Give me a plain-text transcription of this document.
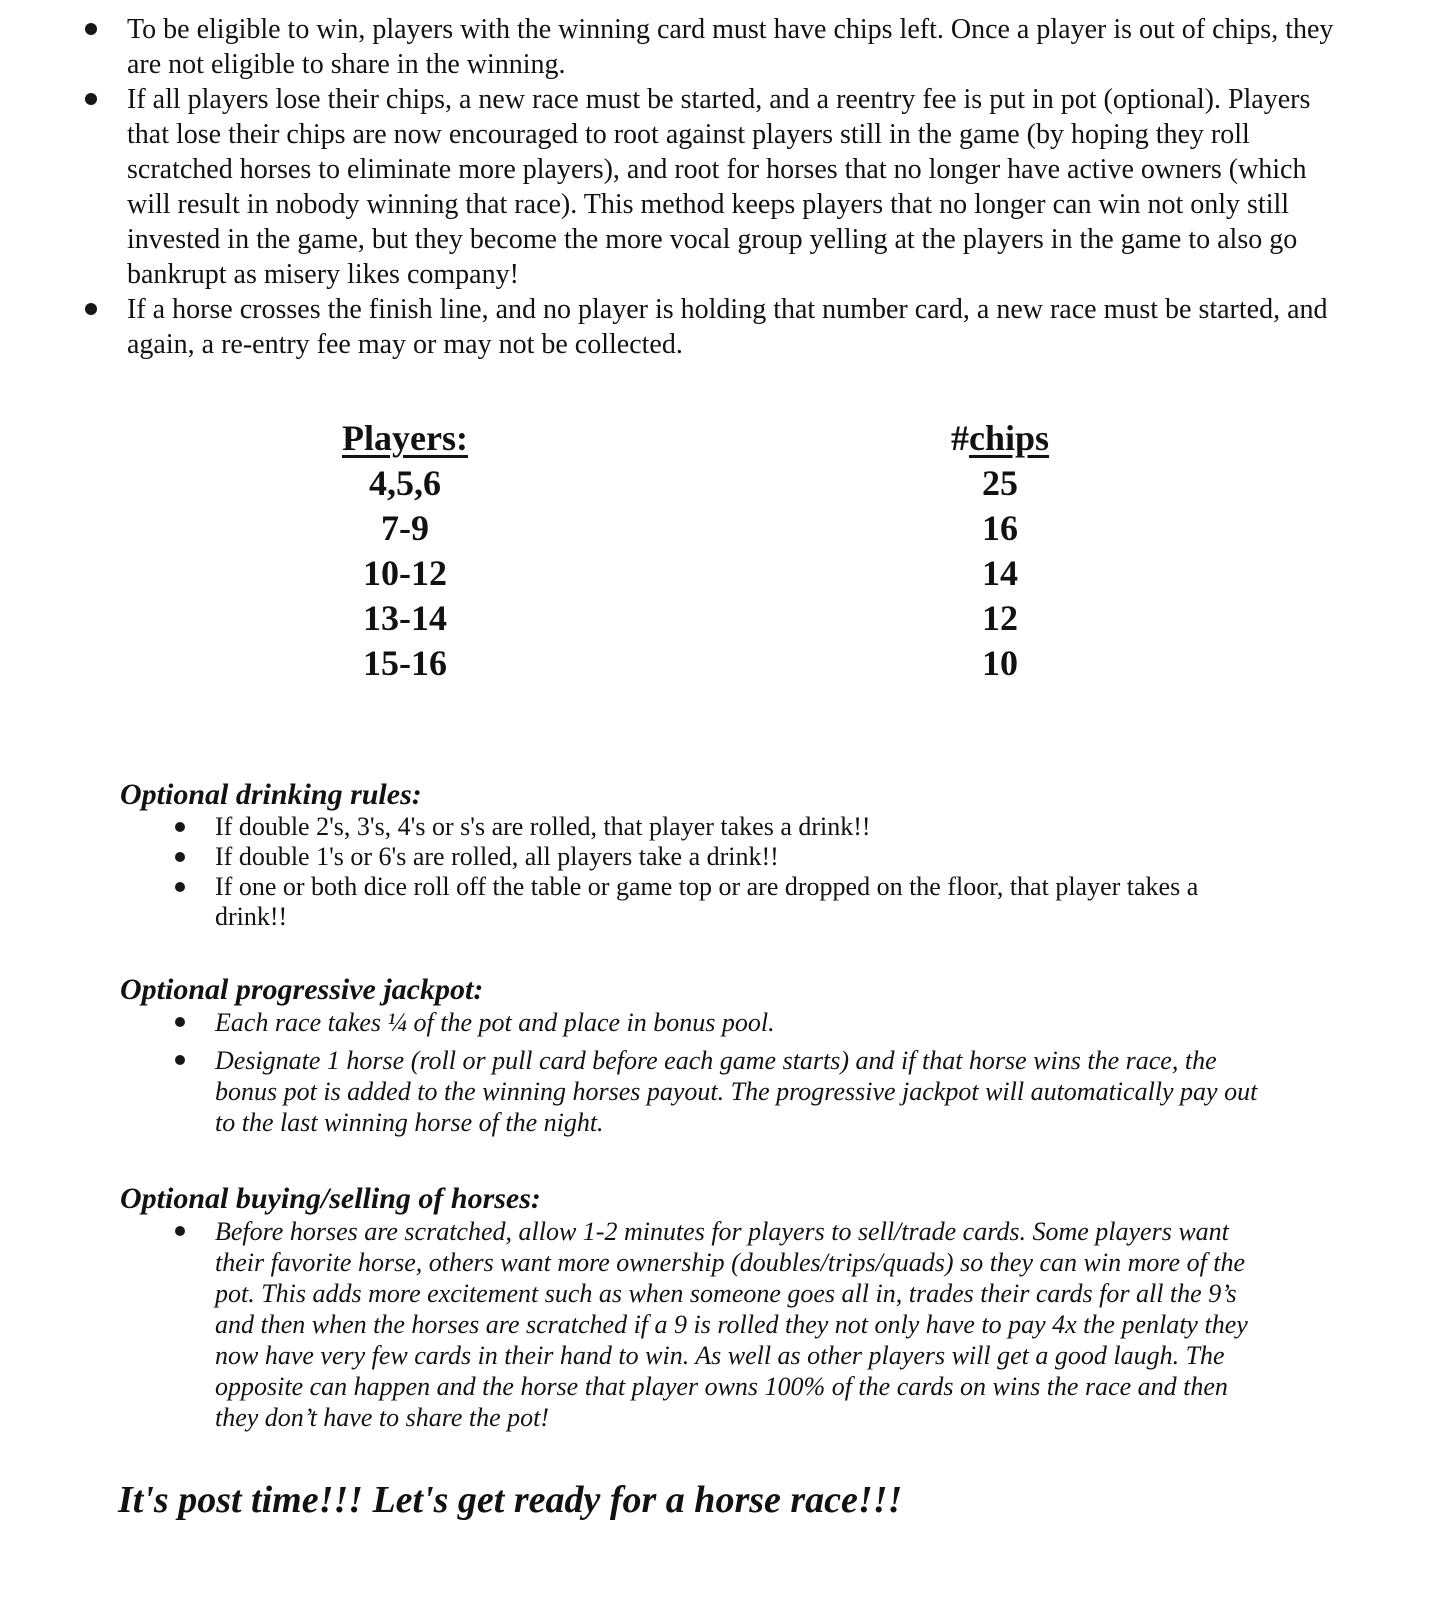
To be eligible to win, players with the winning card must have chips left. Once a player is out of chips, they are not eligible to share in the winning.
If all players lose their chips, a new race must be started, and a reentry fee is put in pot (optional). Players that lose their chips are now encouraged to root against players still in the game (by hoping they roll scratched horses to eliminate more players), and root for horses that no longer have active owners (which will result in nobody winning that race). This method keeps players that no longer can win not only still invested in the game, but they become the more vocal group yelling at the players in the game to also go bankrupt as misery likes company!
If a horse crosses the finish line, and no player is holding that number card, a new race must be started, and again, a re-entry fee may or may not be collected.
Players:	#chips
4,5,6	25
7-9	16
10-12	14
13-14	12
15-16	10
Optional drinking rules:
If double 2's, 3's, 4's or s's are rolled, that player takes a drink!!
If double 1's or 6's are rolled, all players take a drink!!
If one or both dice roll off the table or game top or are dropped on the floor, that player takes a drink!!
Optional progressive jackpot:
Each race takes ¼ of the pot and place in bonus pool.
Designate 1 horse (roll or pull card before each game starts) and if that horse wins the race, the bonus pot is added to the winning horses payout. The progressive jackpot will automatically pay out to the last winning horse of the night.
Optional buying/selling of horses:
Before horses are scratched, allow 1-2 minutes for players to sell/trade cards. Some players want their favorite horse, others want more ownership (doubles/trips/quads) so they can win more of the pot. This adds more excitement such as when someone goes all in, trades their cards for all the 9’s and then when the horses are scratched if a 9 is rolled they not only have to pay 4x the penlaty they now have very few cards in their hand to win. As well as other players will get a good laugh. The opposite can happen and the horse that player owns 100% of the cards on wins the race and then they don’t have to share the pot!
It's post time!!! Let's get ready for a horse race!!!
